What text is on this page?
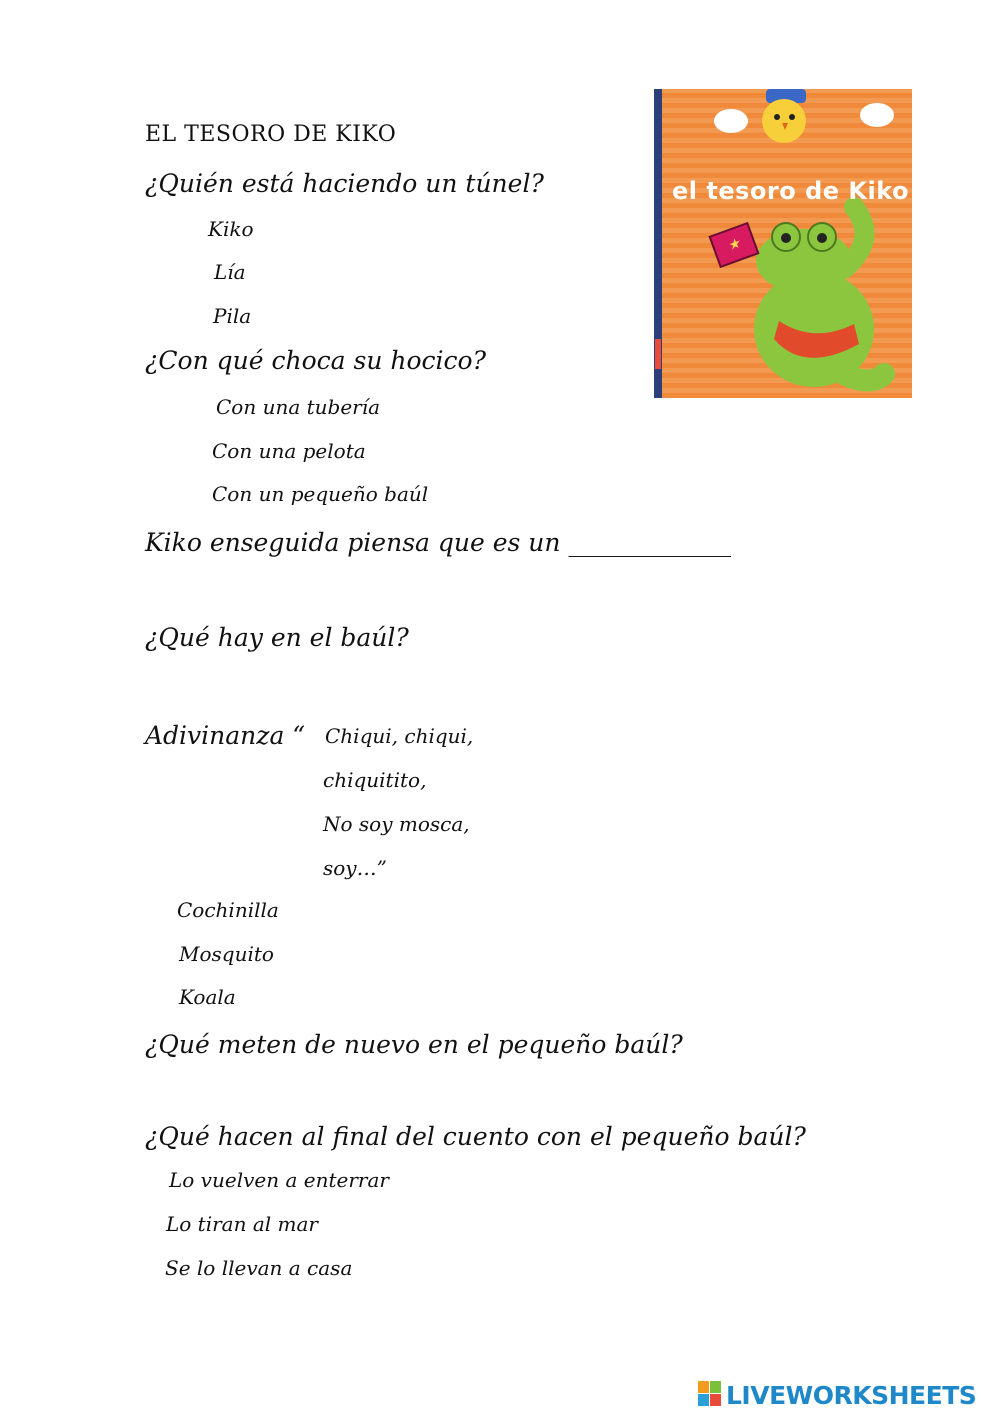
EL TESORO DE KIKO
¿Quién está haciendo un túnel?
Kiko
Lía
Pila
¿Con qué choca su hocico?
Con una tubería
Con una pelota
Con un pequeño baúl
Kiko enseguida piensa que es un _____________
¿Qué hay en el baúl?
Adivinanza “ Chiqui, chiqui,
chiquitito,
No soy mosca,
soy…”
Cochinilla
Mosquito
Koala
¿Qué meten de nuevo en el pequeño baúl?
¿Qué hacen al final del cuento con el pequeño baúl?
Lo vuelven a enterrar
Lo tiran al mar
Se lo llevan a casa
★
el tesoro de Kiko
LIVEWORKSHEETS
